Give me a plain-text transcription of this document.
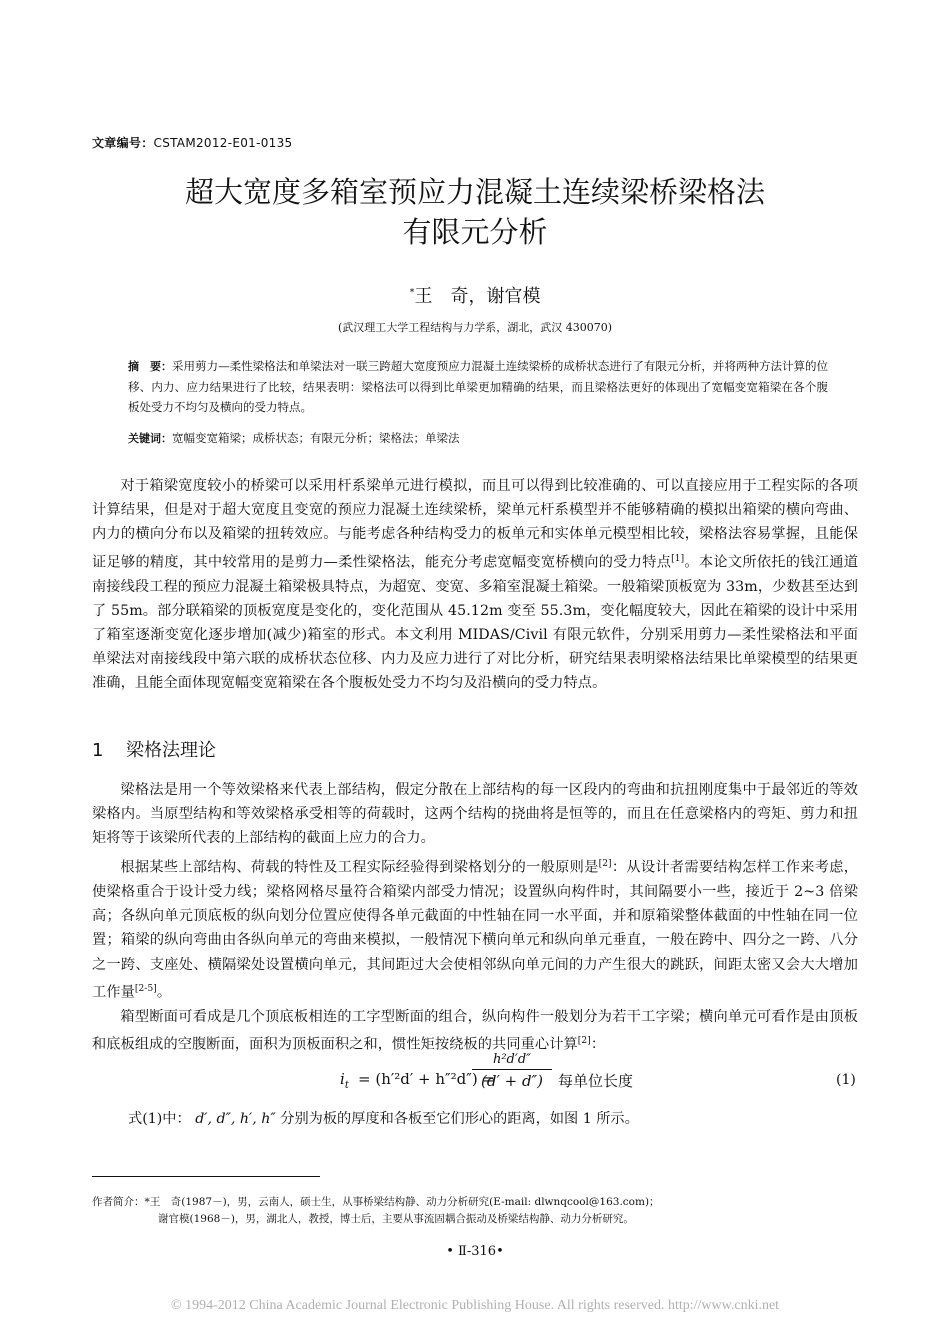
文章编号：CSTAM2012-E01-0135
超大宽度多箱室预应力混凝土连续梁桥梁格法
有限元分析
*王　奇，谢官模
(武汉理工大学工程结构与力学系，湖北，武汉 430070)
摘　要：采用剪力—柔性梁格法和单梁法对一联三跨超大宽度预应力混凝土连续梁桥的成桥状态进行了有限元分析，并将两种方法计算的位移、内力、应力结果进行了比较，结果表明：梁格法可以得到比单梁更加精确的结果，而且梁格法更好的体现出了宽幅变宽箱梁在各个腹板处受力不均匀及横向的受力特点。
关键词：宽幅变宽箱梁；成桥状态；有限元分析；梁格法；单梁法
对于箱梁宽度较小的桥梁可以采用杆系梁单元进行模拟，而且可以得到比较准确的、可以直接应用于工程实际的各项计算结果，但是对于超大宽度且变宽的预应力混凝土连续梁桥，梁单元杆系模型并不能够精确的模拟出箱梁的横向弯曲、内力的横向分布以及箱梁的扭转效应。与能考虑各种结构受力的板单元和实体单元模型相比较，梁格法容易掌握，且能保证足够的精度，其中较常用的是剪力—柔性梁格法，能充分考虑宽幅变宽桥横向的受力特点[1]。本论文所依托的钱江通道南接线段工程的预应力混凝土箱梁极具特点，为超宽、变宽、多箱室混凝土箱梁。一般箱梁顶板宽为 33m，少数甚至达到了 55m。部分联箱梁的顶板宽度是变化的，变化范围从 45.12m 变至 55.3m，变化幅度较大，因此在箱梁的设计中采用了箱室逐渐变宽化逐步增加(减少)箱室的形式。本文利用 MIDAS/Civil 有限元软件，分别采用剪力—柔性梁格法和平面单梁法对南接线段中第六联的成桥状态位移、内力及应力进行了对比分析，研究结果表明梁格法结果比单梁模型的结果更准确，且能全面体现宽幅变宽箱梁在各个腹板处受力不均匀及沿横向的受力特点。
1 梁格法理论
梁格法是用一个等效梁格来代表上部结构，假定分散在上部结构的每一区段内的弯曲和抗扭刚度集中于最邻近的等效梁格内。当原型结构和等效梁格承受相等的荷载时，这两个结构的挠曲将是恒等的，而且在任意梁格内的弯矩、剪力和扭矩将等于该梁所代表的上部结构的截面上应力的合力。
根据某些上部结构、荷载的特性及工程实际经验得到梁格划分的一般原则是[2]：从设计者需要结构怎样工作来考虑，使梁格重合于设计受力线；梁格网格尽量符合箱梁内部受力情况；设置纵向构件时，其间隔要小一些，接近于 2~3 倍梁高；各纵向单元顶底板的纵向划分位置应使得各单元截面的中性轴在同一水平面，并和原箱梁整体截面的中性轴在同一位置；箱梁的纵向弯曲由各纵向单元的弯曲来模拟，一般情况下横向单元和纵向单元垂直，一般在跨中、四分之一跨、八分之一跨、支座处、横隔梁处设置横向单元，其间距过大会使相邻纵向单元间的力产生很大的跳跃，间距太密又会大大增加工作量[2-5]。
箱型断面可看成是几个顶底板相连的工字型断面的组合，纵向构件一般划分为若干工字梁；横向单元可看作是由顶板和底板组成的空腹断面，面积为顶板面积之和，惯性矩按绕板的共同重心计算[2]：
$i_t = (h'^2d' + h''^2d'')$ =
$\frac{\text{h²d′d″}}{(d' + d'')}$ 每单位长度	(1)
式(1)中： d′, d″, h′, h″ 分别为板的厚度和各板至它们形心的距离，如图 1 所示。
作者简介：*王　奇(1987－)，男，云南人，硕士生，从事桥梁结构静、动力分析研究(E-mail: dlwnqcool@163.com)；
谢官模(1968－)，男，湖北人，教授，博士后，主要从事流固耦合振动及桥梁结构静、动力分析研究。
• Ⅱ-316•
© 1994-2012 China Academic Journal Electronic Publishing House. All rights reserved. http://www.cnki.net
